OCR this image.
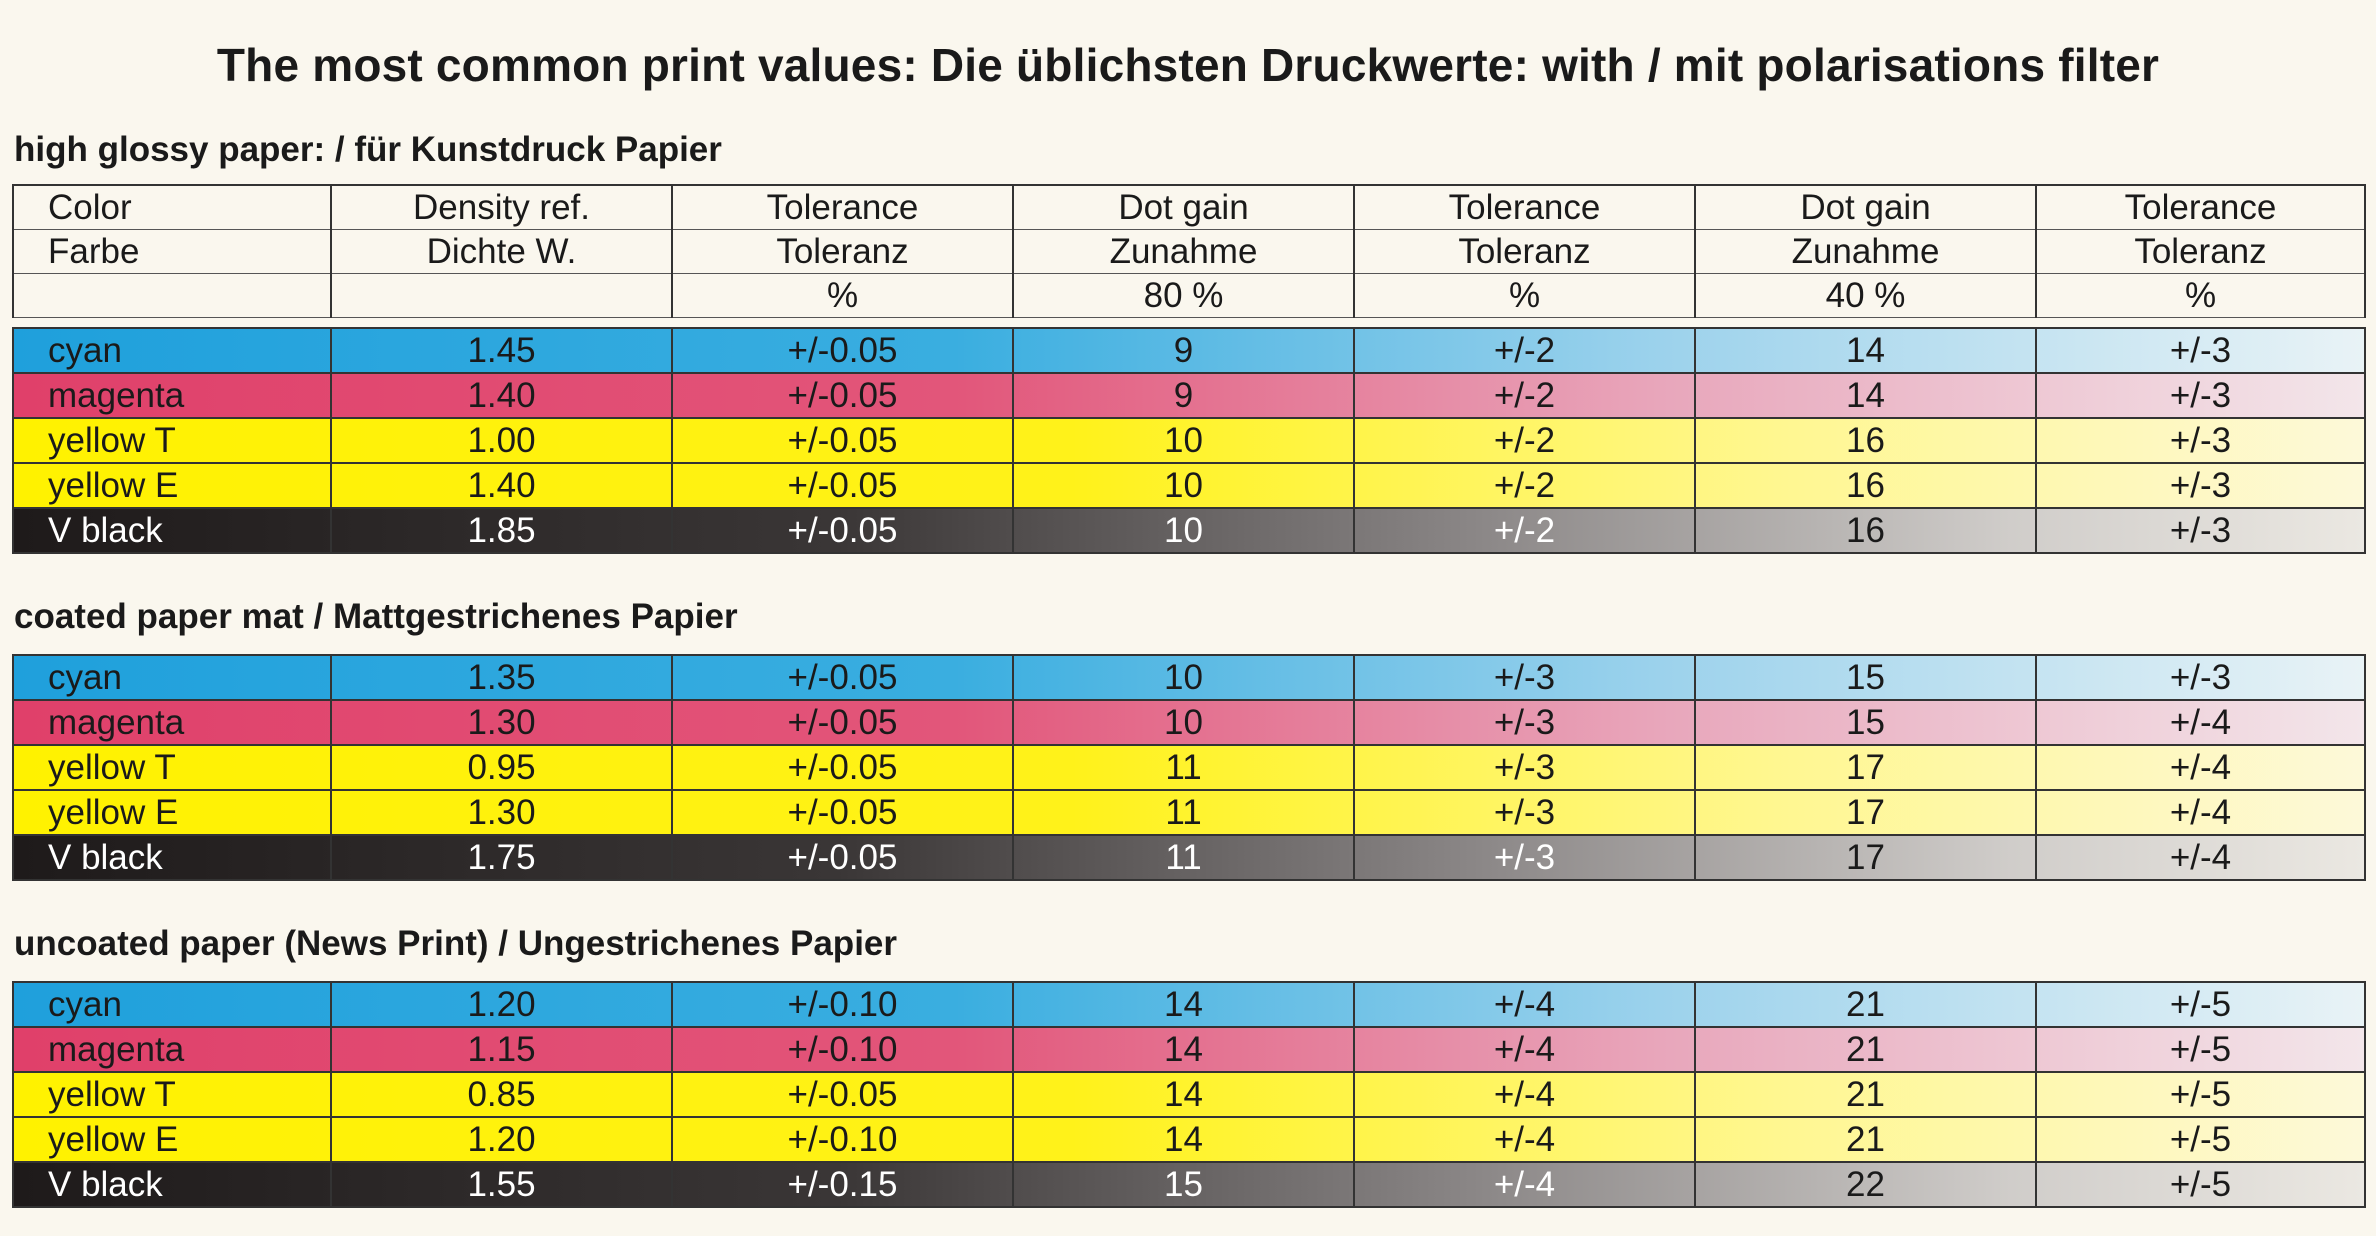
The most common print values: Die üblichsten Druckwerte: with / mit polarisations filter
high glossy paper: / für Kunstdruck Papier
Color	Density ref.	Tolerance	Dot gain	Tolerance	Dot gain	Tolerance
Farbe	Dichte W.	Toleranz	Zunahme	Toleranz	Zunahme	Toleranz
		%	80 %	%	40 %	%
cyan	1.45	+/-0.05	9	+/-2	14	+/-3
magenta	1.40	+/-0.05	9	+/-2	14	+/-3
yellow T	1.00	+/-0.05	10	+/-2	16	+/-3
yellow E	1.40	+/-0.05	10	+/-2	16	+/-3
V black	1.85	+/-0.05	10	+/-2	16	+/-3
coated paper mat / Mattgestrichenes Papier
cyan	1.35	+/-0.05	10	+/-3	15	+/-3
magenta	1.30	+/-0.05	10	+/-3	15	+/-4
yellow T	0.95	+/-0.05	11	+/-3	17	+/-4
yellow E	1.30	+/-0.05	11	+/-3	17	+/-4
V black	1.75	+/-0.05	11	+/-3	17	+/-4
uncoated paper (News Print) / Ungestrichenes Papier
cyan	1.20	+/-0.10	14	+/-4	21	+/-5
magenta	1.15	+/-0.10	14	+/-4	21	+/-5
yellow T	0.85	+/-0.05	14	+/-4	21	+/-5
yellow E	1.20	+/-0.10	14	+/-4	21	+/-5
V black	1.55	+/-0.15	15	+/-4	22	+/-5
